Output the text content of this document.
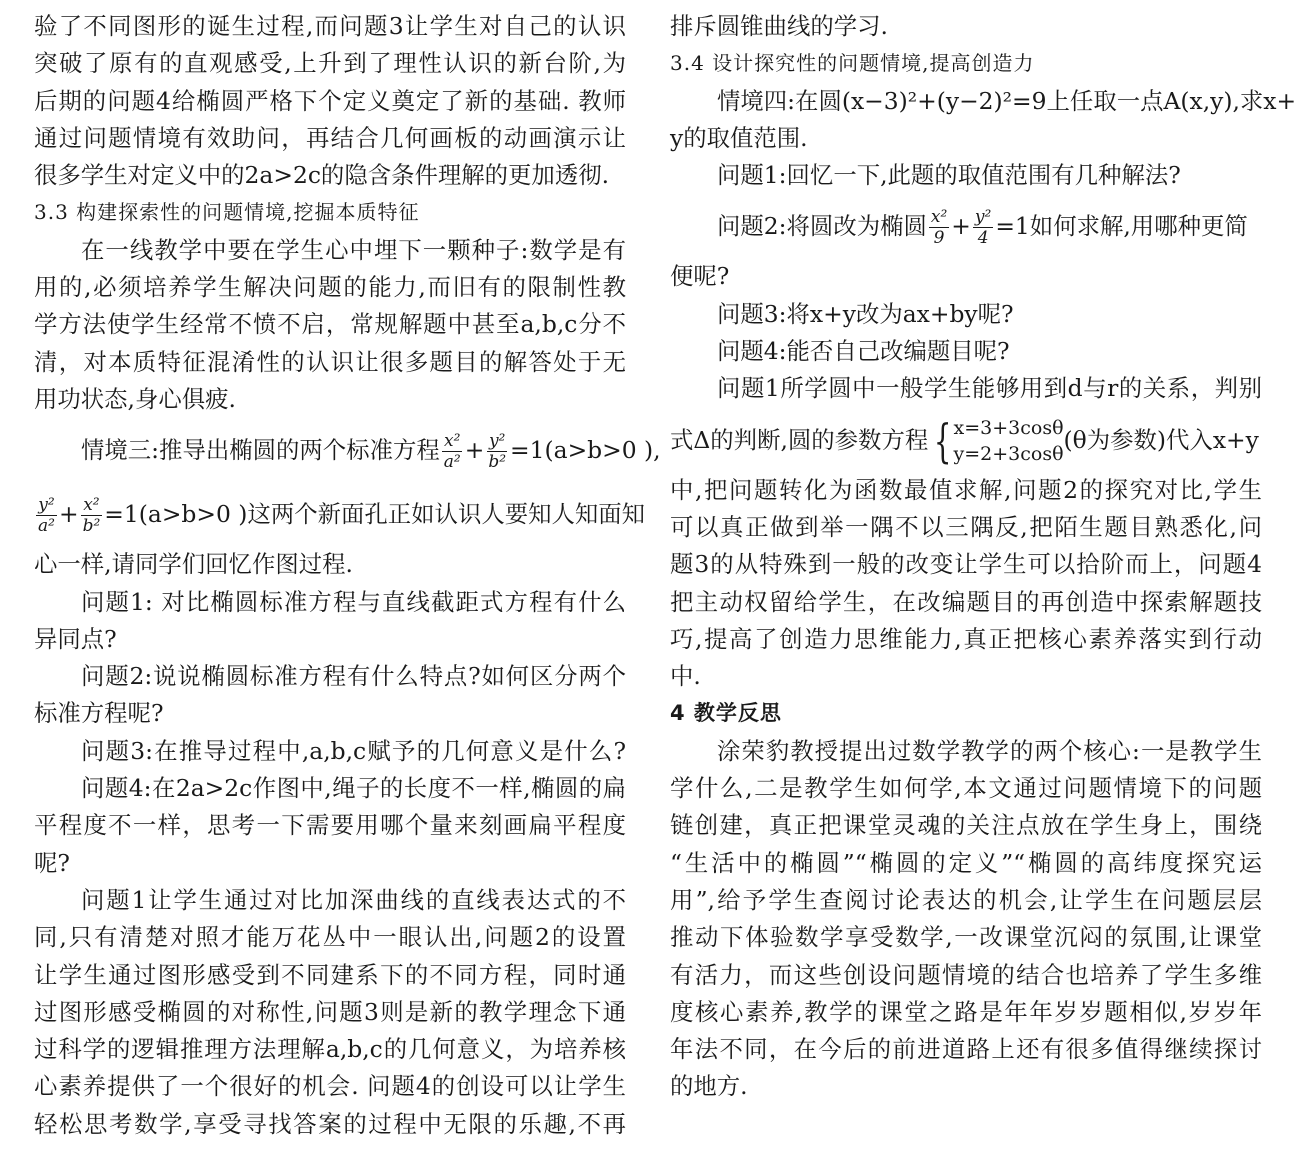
验了不同图形的诞生过程,而问题3让学生对自己的认识
突破了原有的直观感受,上升到了理性认识的新台阶,为
后期的问题4给椭圆严格下个定义奠定了新的基础. 教师
通过问题情境有效助问，再结合几何画板的动画演示让
很多学生对定义中的2a>2c的隐含条件理解的更加透彻.
3.3 构建探索性的问题情境,挖掘本质特征
在一线教学中要在学生心中埋下一颗种子:数学是有
用的,必须培养学生解决问题的能力,而旧有的限制性教
学方法使学生经常不愤不启，常规解题中甚至a,b,c分不
清，对本质特征混淆性的认识让很多题目的解答处于无
用功状态,身心俱疲.
情境三:推导出椭圆的两个标准方程 $\frac{\text{x²}}{\text{a²}} + \frac{\text{y²}}{\text{b²}} =1(a>b>0$ ),
$\frac{\text{y²}}{\text{a²}} + \frac{\text{x²}}{\text{b²}} =1(a>b>0$ )这两个新面孔正如认识人要知人知面知
心一样,请同学们回忆作图过程.
问题1: 对比椭圆标准方程与直线截距式方程有什么
异同点?
问题2:说说椭圆标准方程有什么特点?如何区分两个
标准方程呢?
问题3:在推导过程中,a,b,c赋予的几何意义是什么?
问题4:在2a>2c作图中,绳子的长度不一样,椭圆的扁
平程度不一样，思考一下需要用哪个量来刻画扁平程度
呢?
问题1让学生通过对比加深曲线的直线表达式的不
同,只有清楚对照才能万花丛中一眼认出,问题2的设置
让学生通过图形感受到不同建系下的不同方程，同时通
过图形感受椭圆的对称性,问题3则是新的教学理念下通
过科学的逻辑推理方法理解a,b,c的几何意义，为培养核
心素养提供了一个很好的机会. 问题4的创设可以让学生
轻松思考数学,享受寻找答案的过程中无限的乐趣,不再
排斥圆锥曲线的学习.
3.4 设计探究性的问题情境,提高创造力
情境四:在圆(x−3)²+(y−2)²=9上任取一点A(x,y),求x+
y的取值范围.
问题1:回忆一下,此题的取值范围有几种解法?
问题2:将圆改为椭圆 $\frac{\text{x²}}{9} + \frac{\text{y²}}{4} =1$如何求解,用哪种更简
便呢?
问题3:将x+y改为ax+by呢?
问题4:能否自己改编题目呢?
问题1所学圆中一般学生能够用到d与r的关系，判别
式Δ的判断,圆的参数方程 { x=3+3cosθ
y=2+3cosθ
(θ为参数)代入x+y
中,把问题转化为函数最值求解,问题2的探究对比,学生
可以真正做到举一隅不以三隅反,把陌生题目熟悉化,问
题3的从特殊到一般的改变让学生可以拾阶而上，问题4
把主动权留给学生，在改编题目的再创造中探索解题技
巧,提高了创造力思维能力,真正把核心素养落实到行动
中.
4 教学反思
涂荣豹教授提出过数学教学的两个核心:一是教学生
学什么,二是教学生如何学,本文通过问题情境下的问题
链创建，真正把课堂灵魂的关注点放在学生身上，围绕
“生活中的椭圆”“椭圆的定义”“椭圆的高纬度探究运
用”,给予学生查阅讨论表达的机会,让学生在问题层层
推动下体验数学享受数学,一改课堂沉闷的氛围,让课堂
有活力，而这些创设问题情境的结合也培养了学生多维
度核心素养,教学的课堂之路是年年岁岁题相似,岁岁年
年法不同，在今后的前进道路上还有很多值得继续探讨
的地方.
